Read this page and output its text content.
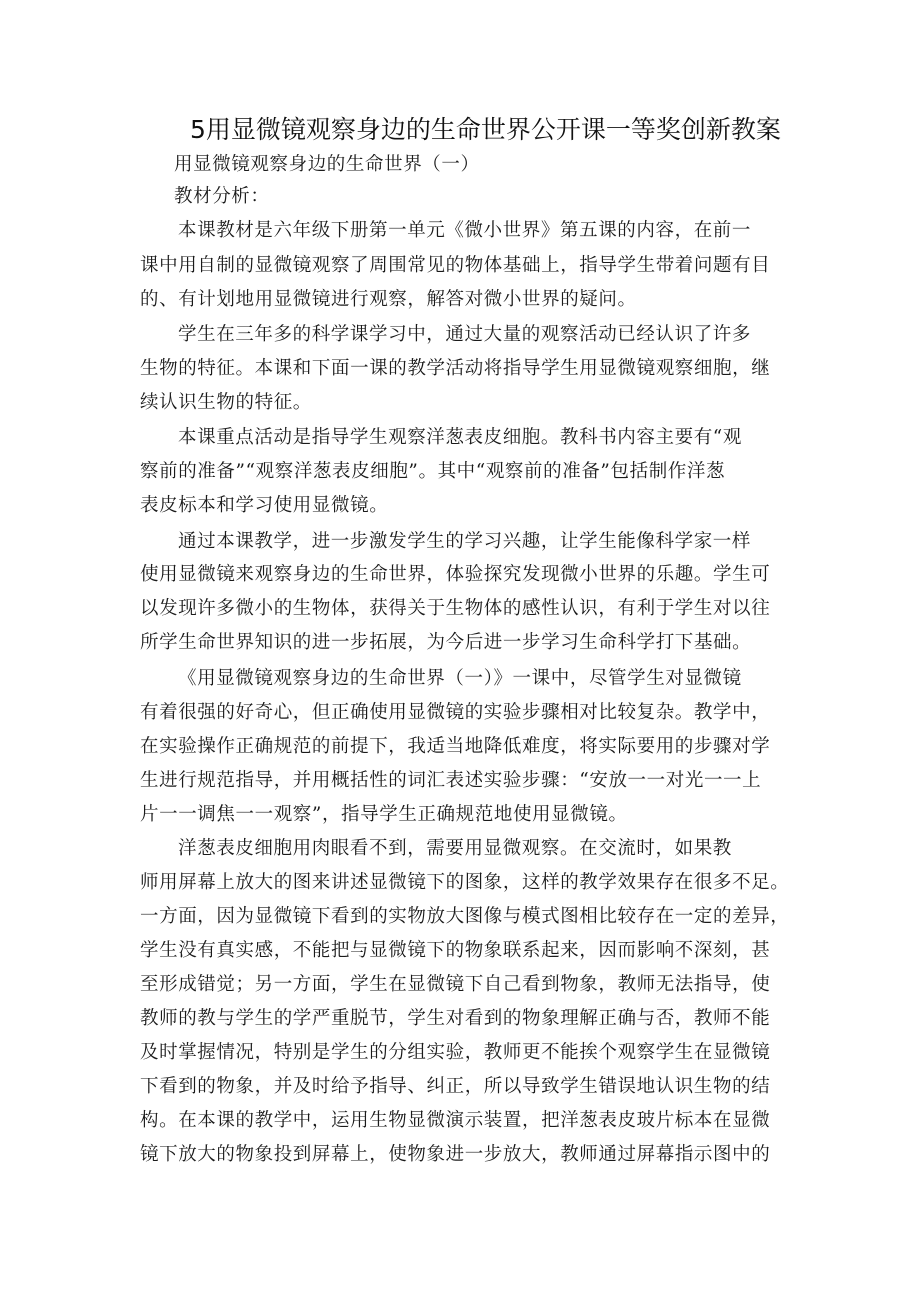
5用显微镜观察身边的生命世界公开课一等奖创新教案
用显微镜观察身边的生命世界（一）
教材分析：
本课教材是六年级下册第一单元《微小世界》第五课的内容，在前一
课中用自制的显微镜观察了周围常见的物体基础上，指导学生带着问题有目
的、有计划地用显微镜进行观察，解答对微小世界的疑问。
学生在三年多的科学课学习中，通过大量的观察活动已经认识了许多
生物的特征。本课和下面一课的教学活动将指导学生用显微镜观察细胞，继
续认识生物的特征。
本课重点活动是指导学生观察洋葱表皮细胞。教科书内容主要有“观
察前的准备”“观察洋葱表皮细胞”。其中“观察前的准备”包括制作洋葱
表皮标本和学习使用显微镜。
通过本课教学，进一步激发学生的学习兴趣，让学生能像科学家一样
使用显微镜来观察身边的生命世界，体验探究发现微小世界的乐趣。学生可
以发现许多微小的生物体，获得关于生物体的感性认识，有利于学生对以往
所学生命世界知识的进一步拓展，为今后进一步学习生命科学打下基础。
《用显微镜观察身边的生命世界（一）》一课中，尽管学生对显微镜
有着很强的好奇心，但正确使用显微镜的实验步骤相对比较复杂。教学中，
在实验操作正确规范的前提下，我适当地降低难度，将实际要用的步骤对学
生进行规范指导，并用概括性的词汇表述实验步骤：“安放一一对光一一上
片一一调焦一一观察”，指导学生正确规范地使用显微镜。
洋葱表皮细胞用肉眼看不到，需要用显微观察。在交流时，如果教
师用屏幕上放大的图来讲述显微镜下的图象，这样的教学效果存在很多不足。
一方面，因为显微镜下看到的实物放大图像与模式图相比较存在一定的差异，
学生没有真实感，不能把与显微镜下的物象联系起来，因而影响不深刻，甚
至形成错觉；另一方面，学生在显微镜下自己看到物象，教师无法指导，使
教师的教与学生的学严重脱节，学生对看到的物象理解正确与否，教师不能
及时掌握情况，特别是学生的分组实验，教师更不能挨个观察学生在显微镜
下看到的物象，并及时给予指导、纠正，所以导致学生错误地认识生物的结
构。在本课的教学中，运用生物显微演示装置，把洋葱表皮玻片标本在显微
镜下放大的物象投到屏幕上，使物象进一步放大，教师通过屏幕指示图中的
